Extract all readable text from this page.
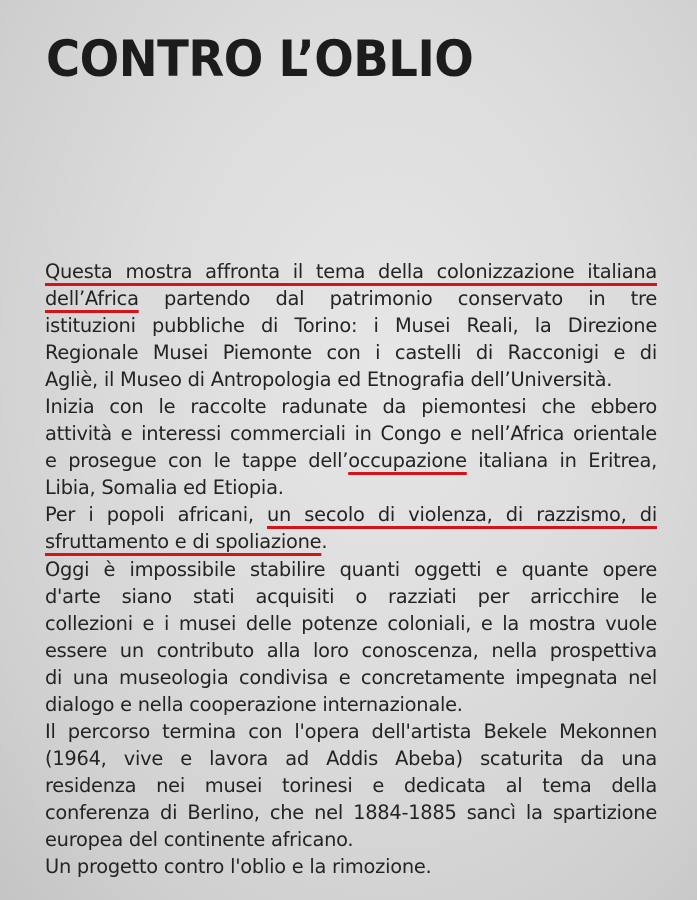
CONTRO L’OBLIO
Questa mostra affronta il tema della colonizzazione italiana
dell’Africa partendo dal patrimonio conservato in tre
istituzioni pubbliche di Torino: i Musei Reali, la Direzione
Regionale Musei Piemonte con i castelli di Racconigi e di
Agliè, il Museo di Antropologia ed Etnografia dell’Università.
Inizia con le raccolte radunate da piemontesi che ebbero
attività e interessi commerciali in Congo e nell’Africa orientale
e prosegue con le tappe dell’occupazione italiana in Eritrea,
Libia, Somalia ed Etiopia.
Per i popoli africani, un secolo di violenza, di razzismo, di
sfruttamento e di spoliazione.
Oggi è impossibile stabilire quanti oggetti e quante opere
d'arte siano stati acquisiti o razziati per arricchire le
collezioni e i musei delle potenze coloniali, e la mostra vuole
essere un contributo alla loro conoscenza, nella prospettiva
di una museologia condivisa e concretamente impegnata nel
dialogo e nella cooperazione internazionale.
Il percorso termina con l'opera dell'artista Bekele Mekonnen
(1964, vive e lavora ad Addis Abeba) scaturita da una
residenza nei musei torinesi e dedicata al tema della
conferenza di Berlino, che nel 1884-1885 sancì la spartizione
europea del continente africano.
Un progetto contro l'oblio e la rimozione.
